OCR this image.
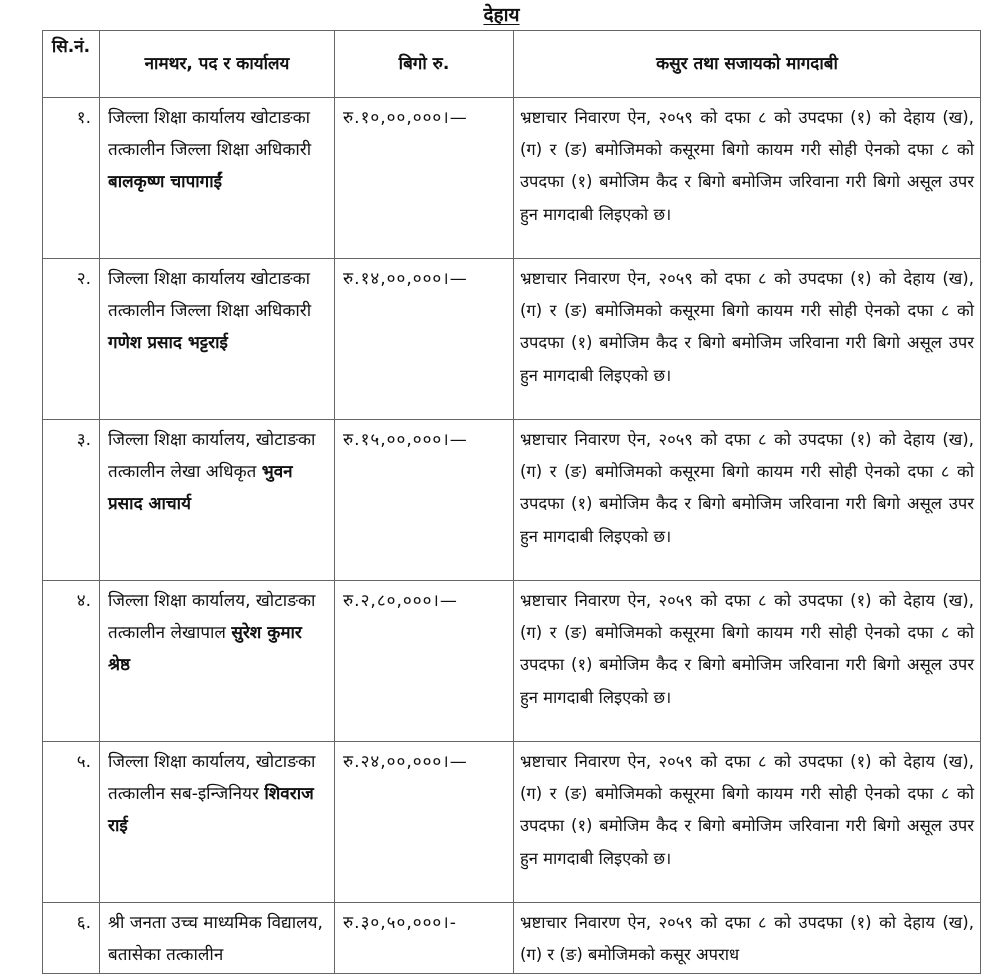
देहाय
सि.नं.	नामथर, पद र कार्यालय	बिगो रु.	कसुर तथा सजायको मागदाबी
१.	जिल्ला शिक्षा कार्यालय खोटाङका तत्कालीन जिल्ला शिक्षा अधिकारी बालकृष्ण चापागाईं	रु.१०,००,०००।—	भ्रष्टाचार निवारण ऐन, २०५९ को दफा ८ को उपदफा (१) को देहाय (ख), (ग) र (ङ) बमोजिमको कसूरमा बिगो कायम गरी सोही ऐनको दफा ८ को उपदफा (१) बमोजिम कैद र बिगो बमोजिम जरिवाना गरी बिगो असूल उपर हुन मागदाबी लिइएको छ।
२.	जिल्ला शिक्षा कार्यालय खोटाङका तत्कालीन जिल्ला शिक्षा अधिकारी गणेश प्रसाद भट्टराई	रु.१४,००,०००।—	भ्रष्टाचार निवारण ऐन, २०५९ को दफा ८ को उपदफा (१) को देहाय (ख), (ग) र (ङ) बमोजिमको कसूरमा बिगो कायम गरी सोही ऐनको दफा ८ को उपदफा (१) बमोजिम कैद र बिगो बमोजिम जरिवाना गरी बिगो असूल उपर हुन मागदाबी लिइएको छ।
३.	जिल्ला शिक्षा कार्यालय, खोटाङका तत्कालीन लेखा अधिकृत भुवन प्रसाद आचार्य	रु.१५,००,०००।—	भ्रष्टाचार निवारण ऐन, २०५९ को दफा ८ को उपदफा (१) को देहाय (ख), (ग) र (ङ) बमोजिमको कसूरमा बिगो कायम गरी सोही ऐनको दफा ८ को उपदफा (१) बमोजिम कैद र बिगो बमोजिम जरिवाना गरी बिगो असूल उपर हुन मागदाबी लिइएको छ।
४.	जिल्ला शिक्षा कार्यालय, खोटाङका तत्कालीन लेखापाल सुरेश कुमार श्रेष्ठ	रु.२,८०,०००।—	भ्रष्टाचार निवारण ऐन, २०५९ को दफा ८ को उपदफा (१) को देहाय (ख), (ग) र (ङ) बमोजिमको कसूरमा बिगो कायम गरी सोही ऐनको दफा ८ को उपदफा (१) बमोजिम कैद र बिगो बमोजिम जरिवाना गरी बिगो असूल उपर हुन मागदाबी लिइएको छ।
५.	जिल्ला शिक्षा कार्यालय, खोटाङका तत्कालीन सब-इन्जिनियर शिवराज राई	रु.२४,००,०००।—	भ्रष्टाचार निवारण ऐन, २०५९ को दफा ८ को उपदफा (१) को देहाय (ख), (ग) र (ङ) बमोजिमको कसूरमा बिगो कायम गरी सोही ऐनको दफा ८ को उपदफा (१) बमोजिम कैद र बिगो बमोजिम जरिवाना गरी बिगो असूल उपर हुन मागदाबी लिइएको छ।
६.	श्री जनता उच्च माध्यमिक विद्यालय, बतासेका तत्कालीन	रु.३०,५०,०००।-	भ्रष्टाचार निवारण ऐन, २०५९ को दफा ८ को उपदफा (१) को देहाय (ख), (ग) र (ङ) बमोजिमको कसूर अपराध
